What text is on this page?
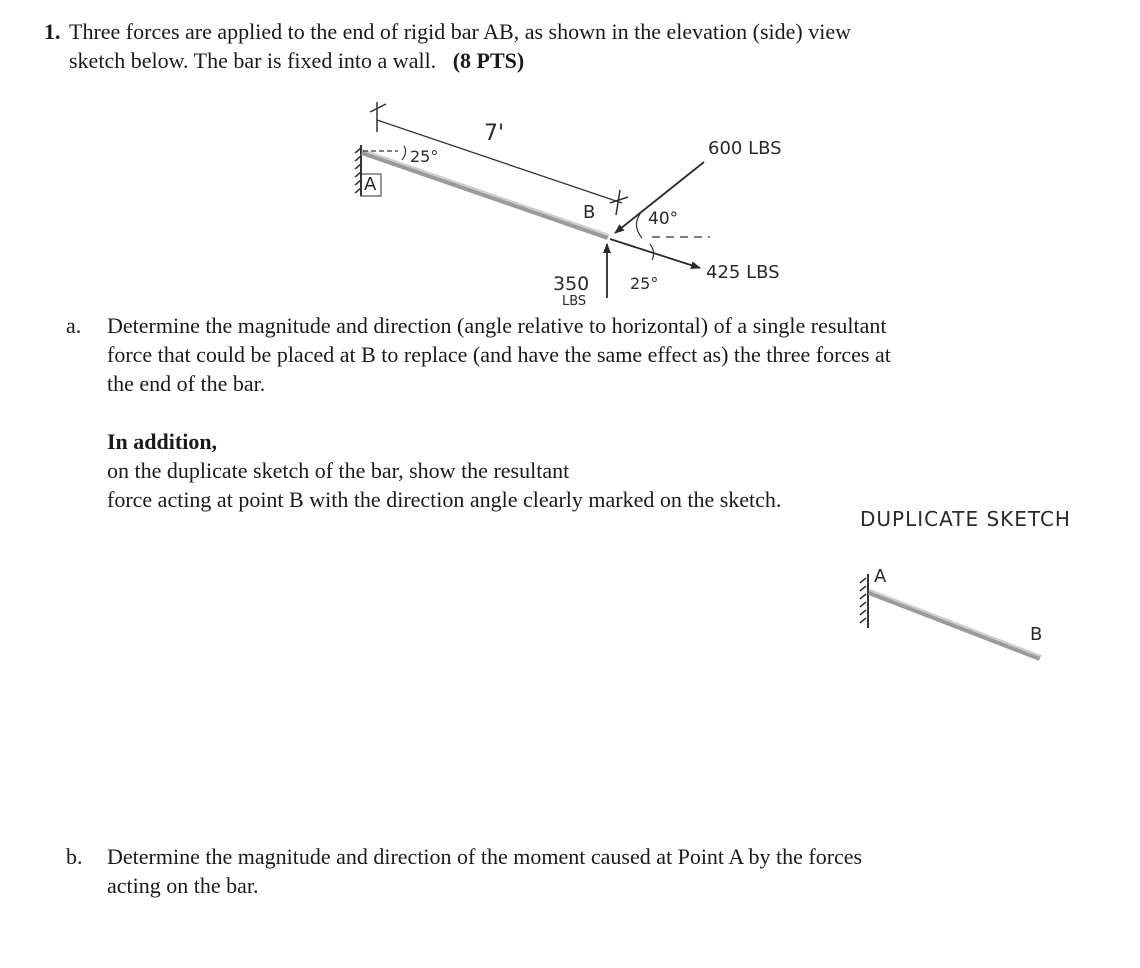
1. Three forces are applied to the end of rigid bar AB, as shown in the elevation (side) view
sketch below. The bar is fixed into a wall. (8 PTS)
7'
25°
A
B
600 LBS
40°
425 LBS
25°
350
LBS
DUPLICATE SKETCH
A
B
a. Determine the magnitude and direction (angle relative to horizontal) of a single resultant
force that could be placed at B to replace (and have the same effect as) the three forces at
the end of the bar.

In addition,
on the duplicate sketch of the bar, show the resultant
force acting at point B with the direction angle clearly marked on the sketch.
b. Determine the magnitude and direction of the moment caused at Point A by the forces
acting on the bar.
